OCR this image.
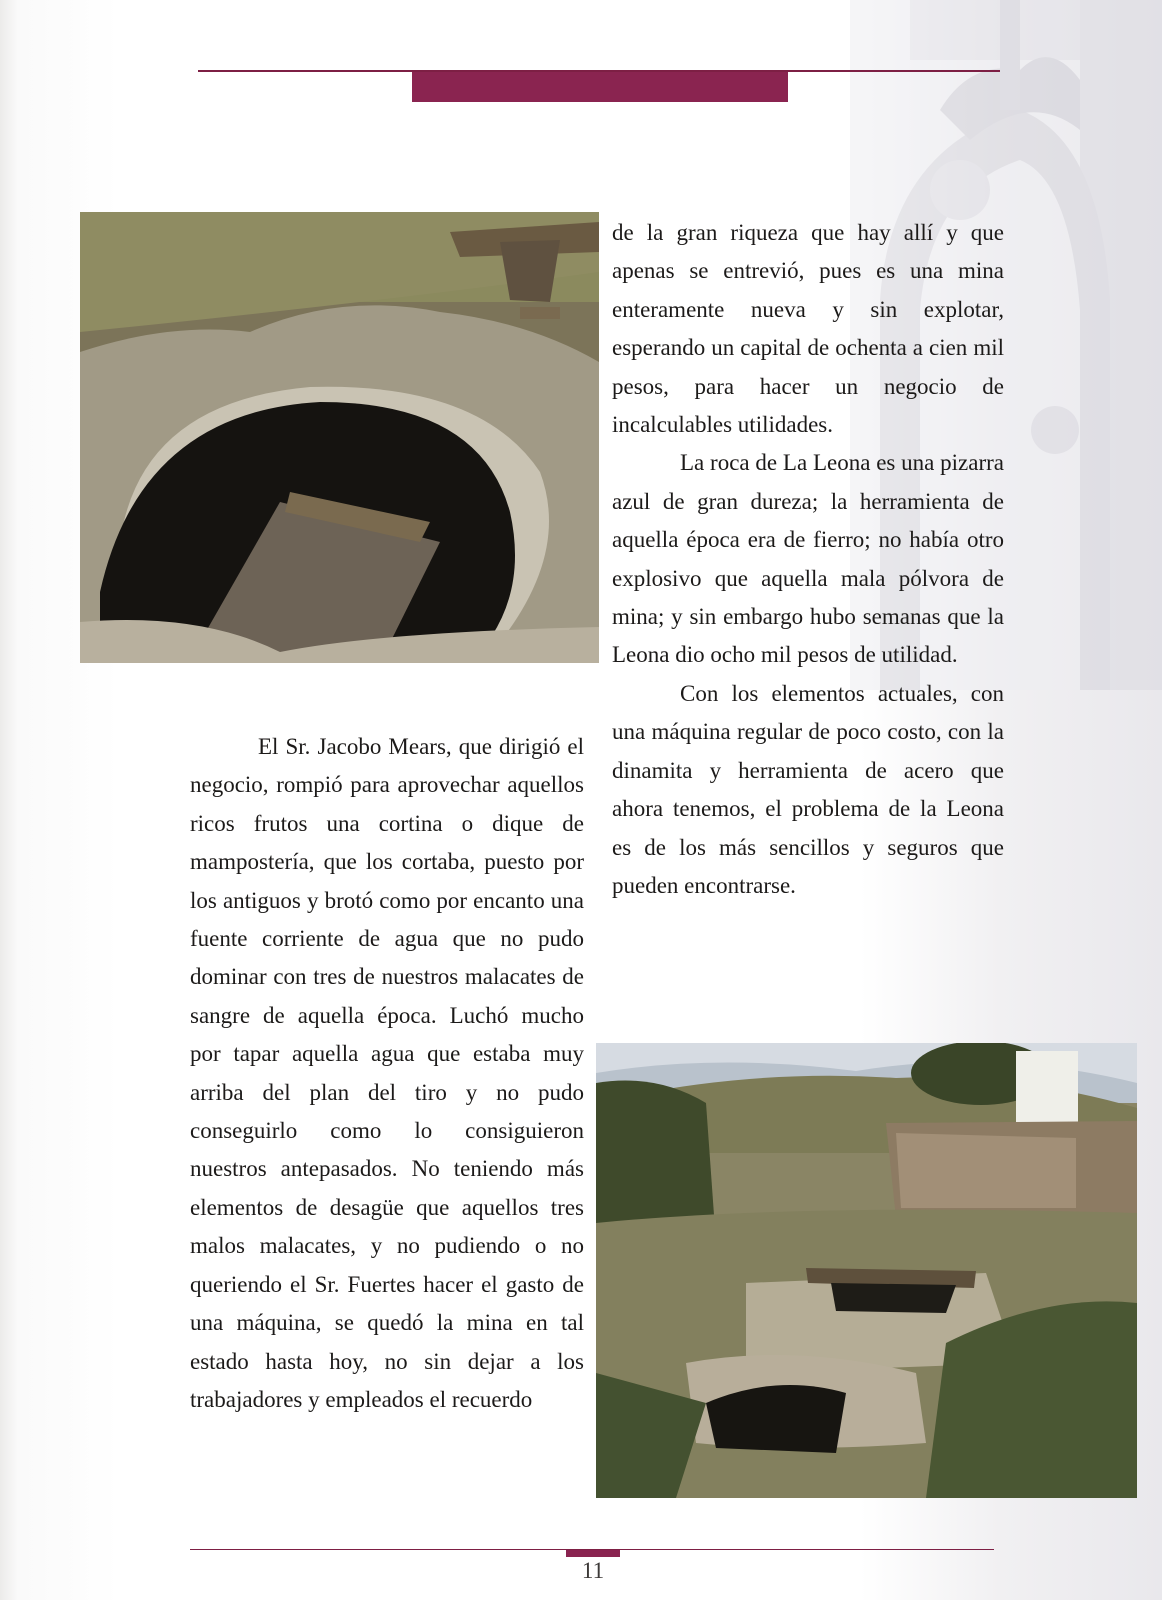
de la gran riqueza que hay allí y que apenas se entrevió, pues es una mina enteramente nueva y sin explotar, esperando un capital de ochenta a cien mil pesos, para hacer un negocio de incalculables utilidades.

La roca de La Leona es una pizarra azul de gran dureza; la herramienta de aquella época era de fierro; no había otro explosivo que aquella mala pólvora de mina; y sin embargo hubo semanas que la Leona dio ocho mil pesos de utilidad.

Con los elementos actuales, con una máquina regular de poco costo, con la dinamita y herramienta de acero que ahora tenemos, el problema de la Leona es de los más sencillos y seguros que pueden encontrarse.

El Sr. Jacobo Mears, que dirigió el negocio, rompió para aprovechar aquellos ricos frutos una cortina o dique de mampostería, que los cortaba, puesto por los antiguos y brotó como por encanto una fuente corriente de agua que no pudo dominar con tres de nuestros malacates de sangre de aquella época. Luchó mucho por tapar aquella agua que estaba muy arriba del plan del tiro y no pudo conseguirlo como lo consiguieron nuestros antepasados. No teniendo más elementos de desagüe que aquellos tres malos malacates, y no pudiendo o no queriendo el Sr. Fuertes hacer el gasto de una máquina, se quedó la mina en tal estado hasta hoy, no sin dejar a los trabajadores y empleados el recuerdo

11
